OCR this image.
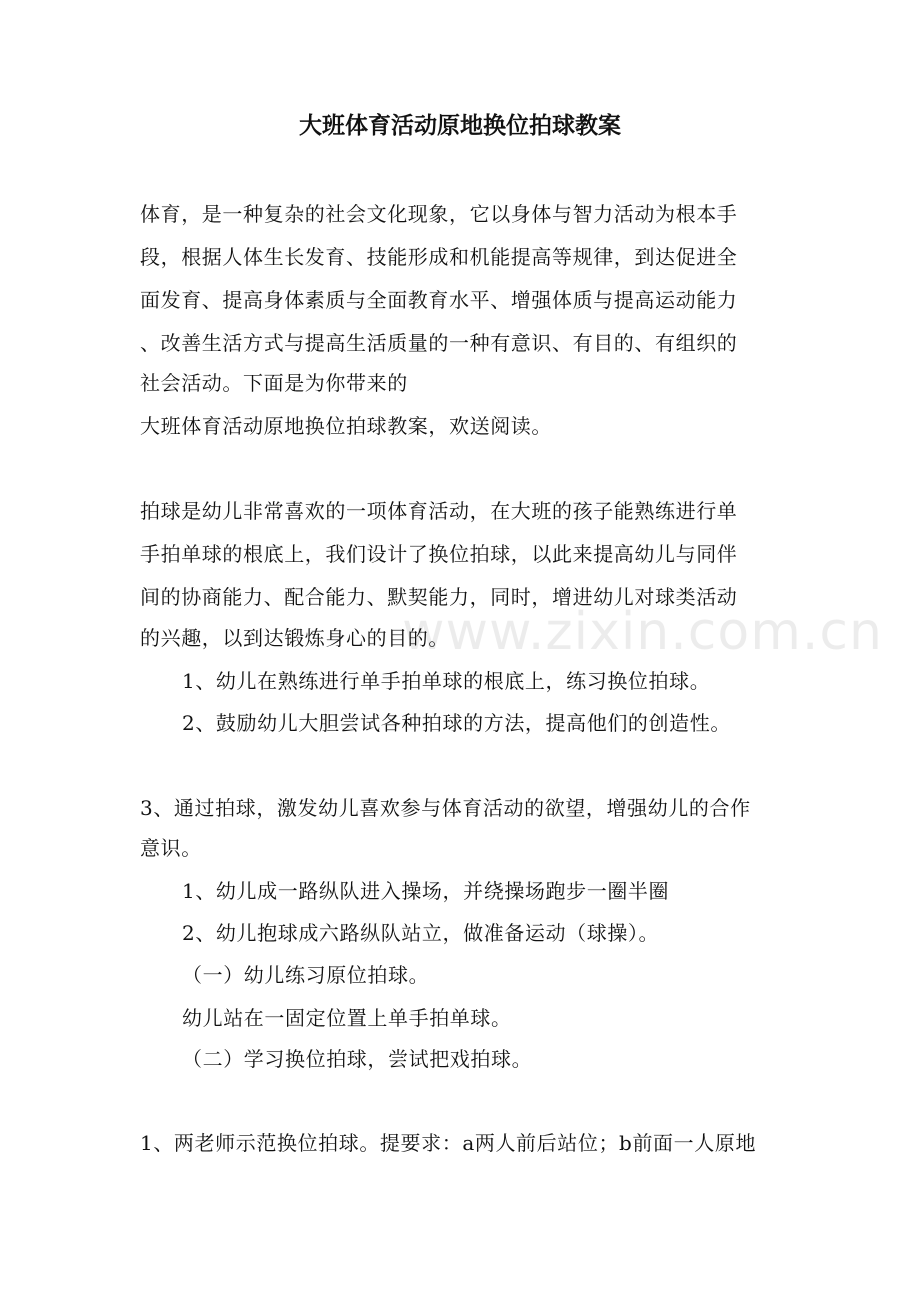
大班体育活动原地换位拍球教案
体育，是一种复杂的社会文化现象，它以身体与智力活动为根本手
段，根据人体生长发育、技能形成和机能提高等规律，到达促进全
面发育、提高身体素质与全面教育水平、增强体质与提高运动能力
、改善生活方式与提高生活质量的一种有意识、有目的、有组织的
社会活动。下面是为你带来的
大班体育活动原地换位拍球教案，欢送阅读。
拍球是幼儿非常喜欢的一项体育活动，在大班的孩子能熟练进行单
手拍单球的根底上，我们设计了换位拍球，以此来提高幼儿与同伴
间的协商能力、配合能力、默契能力，同时，增进幼儿对球类活动
的兴趣，以到达锻炼身心的目的。
1、幼儿在熟练进行单手拍单球的根底上，练习换位拍球。
2、鼓励幼儿大胆尝试各种拍球的方法，提高他们的创造性。
3、通过拍球，激发幼儿喜欢参与体育活动的欲望，增强幼儿的合作
意识。
1、幼儿成一路纵队进入操场，并绕操场跑步一圈半圈
2、幼儿抱球成六路纵队站立，做准备运动（球操）。
（一）幼儿练习原位拍球。
幼儿站在一固定位置上单手拍单球。
（二）学习换位拍球，尝试把戏拍球。
1、两老师示范换位拍球。提要求：a两人前后站位；b前面一人原地
www.zixin.com.cn
